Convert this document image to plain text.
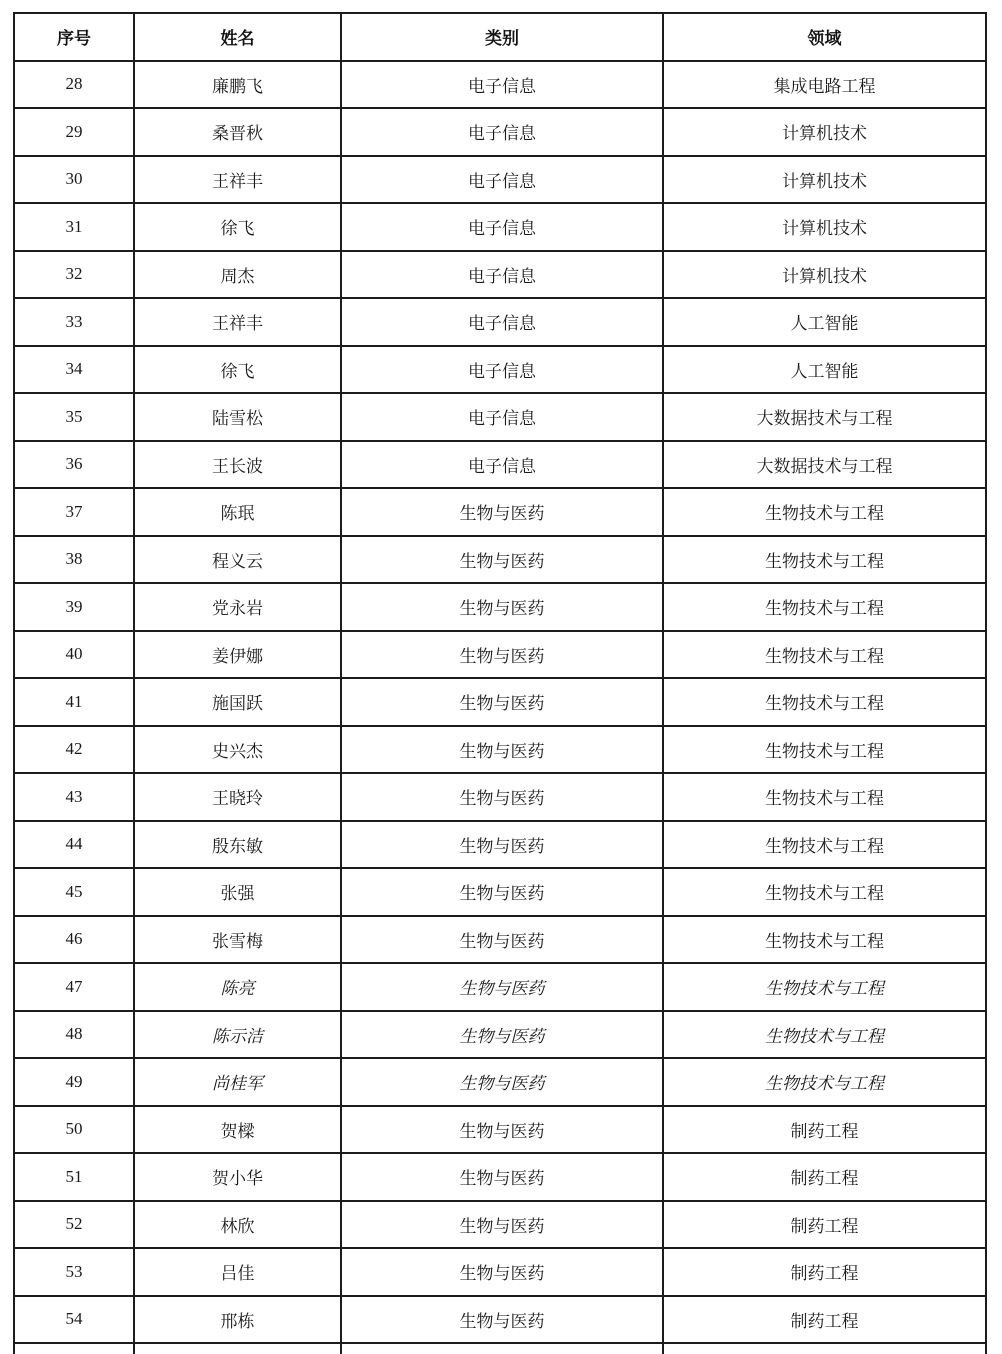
序号	姓名	类别	领域
28	廉鹏飞	电子信息	集成电路工程
29	桑晋秋	电子信息	计算机技术
30	王祥丰	电子信息	计算机技术
31	徐飞	电子信息	计算机技术
32	周杰	电子信息	计算机技术
33	王祥丰	电子信息	人工智能
34	徐飞	电子信息	人工智能
35	陆雪松	电子信息	大数据技术与工程
36	王长波	电子信息	大数据技术与工程
37	陈珉	生物与医药	生物技术与工程
38	程义云	生物与医药	生物技术与工程
39	党永岩	生物与医药	生物技术与工程
40	姜伊娜	生物与医药	生物技术与工程
41	施国跃	生物与医药	生物技术与工程
42	史兴杰	生物与医药	生物技术与工程
43	王晓玲	生物与医药	生物技术与工程
44	殷东敏	生物与医药	生物技术与工程
45	张强	生物与医药	生物技术与工程
46	张雪梅	生物与医药	生物技术与工程
47	陈亮	生物与医药	生物技术与工程
48	陈示洁	生物与医药	生物技术与工程
49	尚桂军	生物与医药	生物技术与工程
50	贺樑	生物与医药	制药工程
51	贺小华	生物与医药	制药工程
52	林欣	生物与医药	制药工程
53	吕佳	生物与医药	制药工程
54	邢栋	生物与医药	制药工程
